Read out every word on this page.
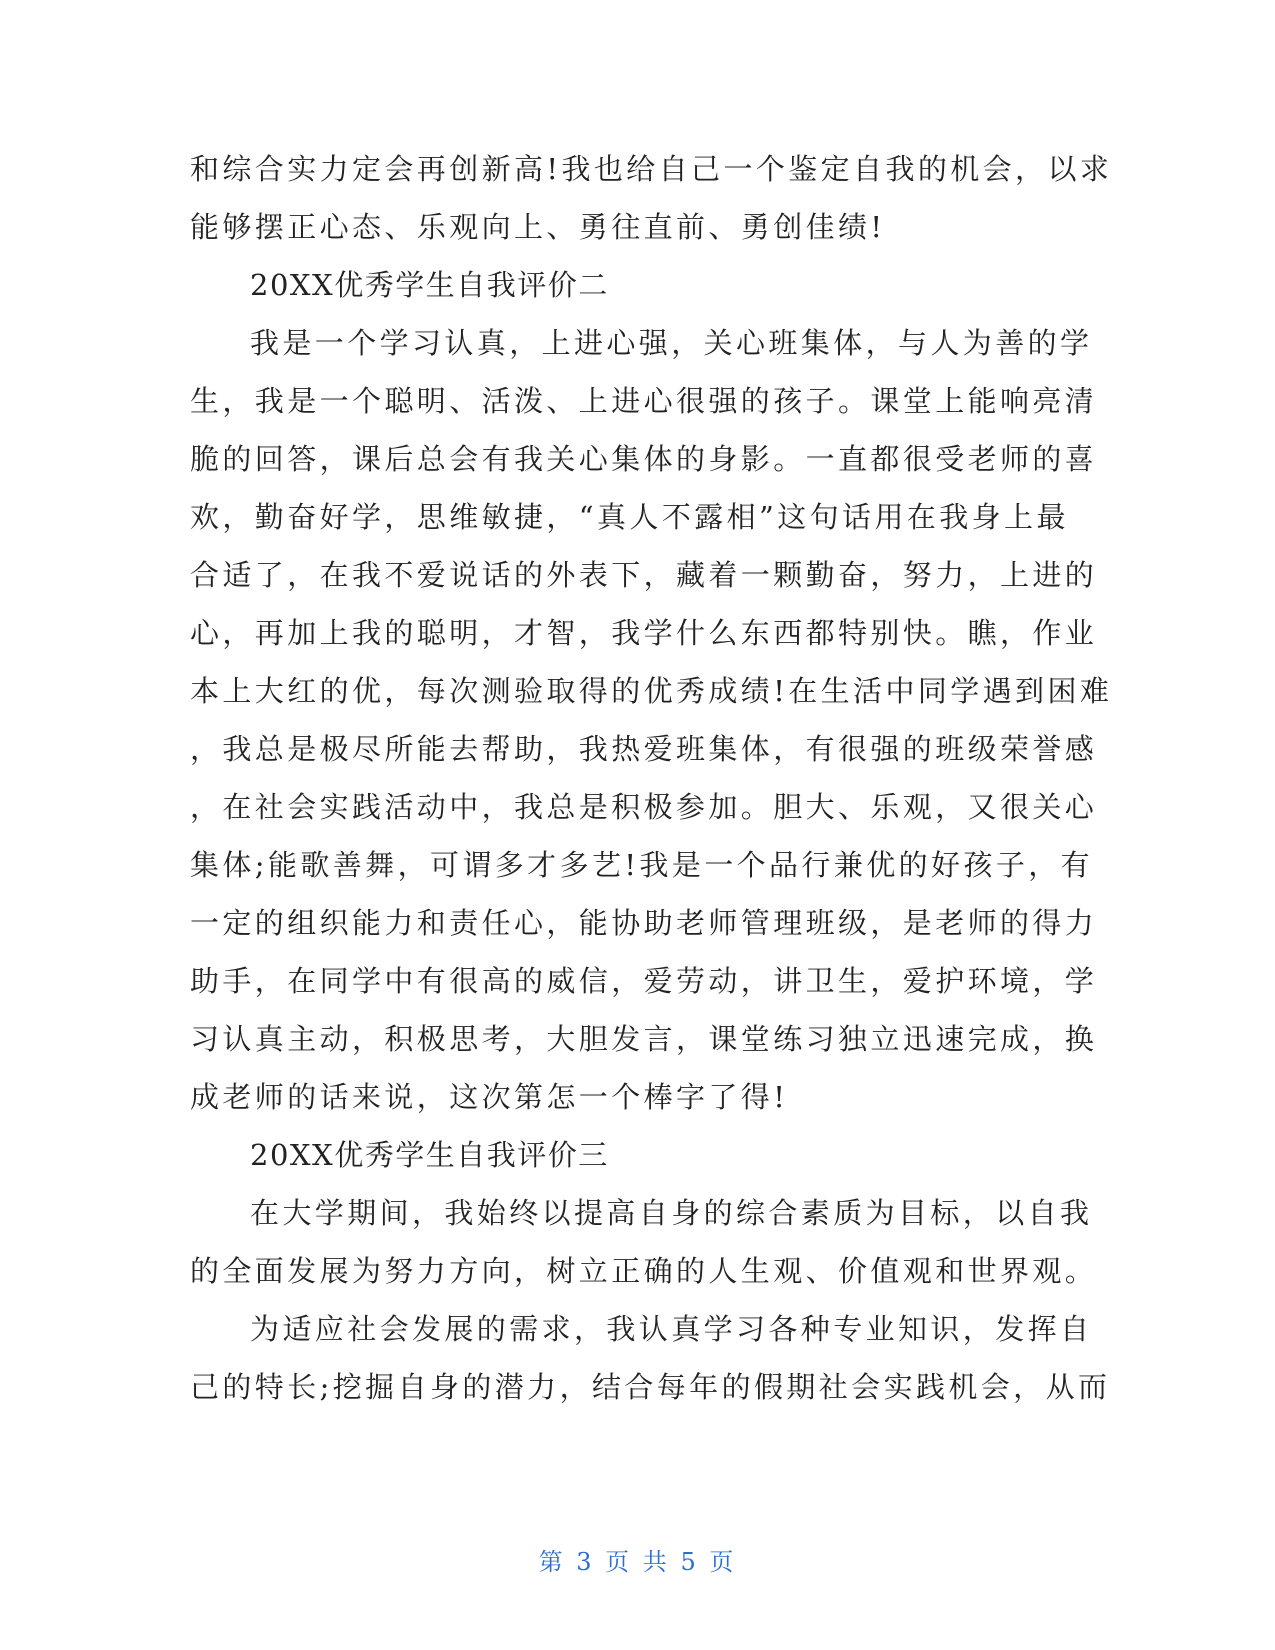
和综合实力定会再创新高!我也给自己一个鉴定自我的机会，以求
能够摆正心态、乐观向上、勇往直前、勇创佳绩!
20XX优秀学生自我评价二
我是一个学习认真，上进心强，关心班集体，与人为善的学
生，我是一个聪明、活泼、上进心很强的孩子。课堂上能响亮清
脆的回答，课后总会有我关心集体的身影。一直都很受老师的喜
欢，勤奋好学，思维敏捷，“真人不露相”这句话用在我身上最
合适了，在我不爱说话的外表下，藏着一颗勤奋，努力，上进的
心，再加上我的聪明，才智，我学什么东西都特别快。瞧，作业
本上大红的优，每次测验取得的优秀成绩!在生活中同学遇到困难
，我总是极尽所能去帮助，我热爱班集体，有很强的班级荣誉感
，在社会实践活动中，我总是积极参加。胆大、乐观，又很关心
集体;能歌善舞，可谓多才多艺!我是一个品行兼优的好孩子，有
一定的组织能力和责任心，能协助老师管理班级，是老师的得力
助手，在同学中有很高的威信，爱劳动，讲卫生，爱护环境，学
习认真主动，积极思考，大胆发言，课堂练习独立迅速完成，换
成老师的话来说，这次第怎一个棒字了得!
20XX优秀学生自我评价三
在大学期间，我始终以提高自身的综合素质为目标，以自我
的全面发展为努力方向，树立正确的人生观、价值观和世界观。
为适应社会发展的需求，我认真学习各种专业知识，发挥自
己的特长;挖掘自身的潜力，结合每年的假期社会实践机会，从而
第 3 页 共 5 页
